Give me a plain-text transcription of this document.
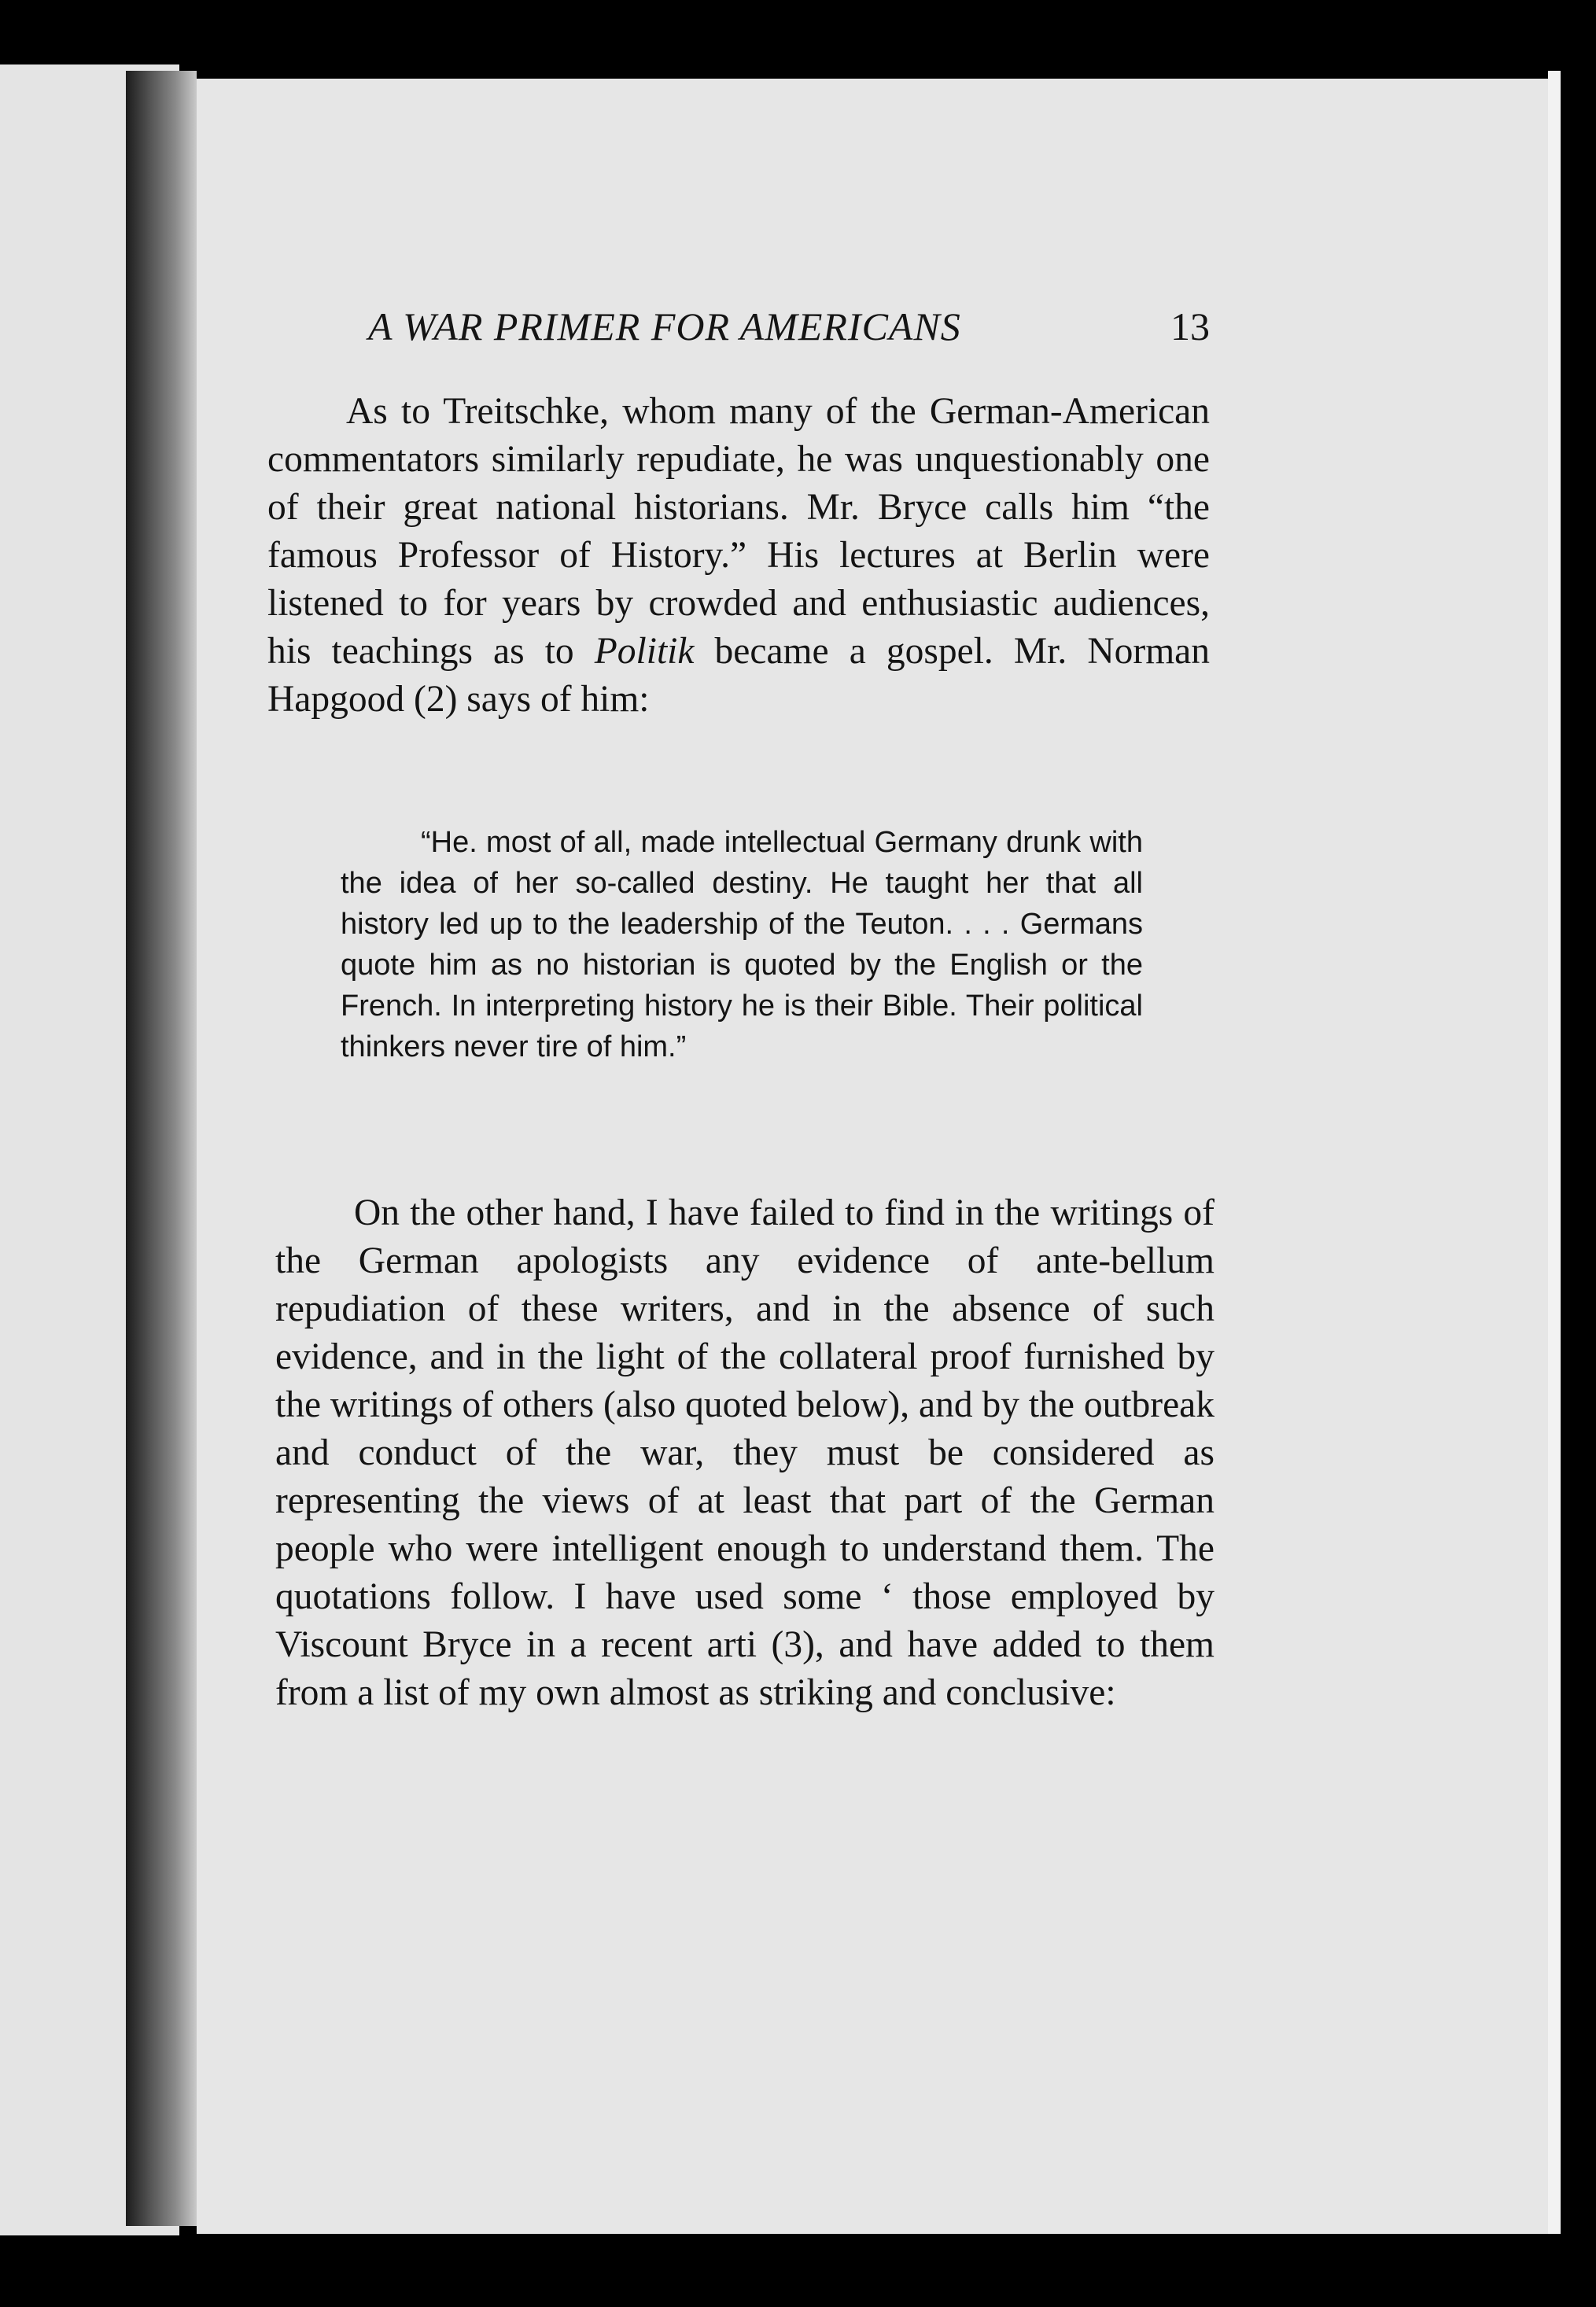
A WAR PRIMER FOR AMERICANS	13

As to Treitschke, whom many of the German-American commentators similarly repudiate, he was unquestionably one of their great national historians. Mr. Bryce calls him “the famous Professor of History.” His lectures at Berlin were listened to for years by crowded and enthusiastic audiences, his teachings as to Politik became a gospel. Mr. Norman Hapgood (2) says of him:

“He. most of all, made intellectual Germany drunk with the idea of her so-called destiny. He taught her that all history led up to the leadership of the Teuton. . . . Germans quote him as no historian is quoted by the English or the French. In interpreting history he is their Bible. Their political thinkers never tire of him.”

On the other hand, I have failed to find in the writings of the German apologists any evidence of ante-bellum repudiation of these writers, and in the absence of such evidence, and in the light of the collateral proof furnished by the writings of others (also quoted below), and by the outbreak and conduct of the war, they must be considered as representing the views of at least that part of the German people who were intelligent enough to understand them. The quotations follow. I have used some ʻ those employed by Viscount Bryce in a recent arti (3), and have added to them from a list of my own almost as striking and conclusive:
